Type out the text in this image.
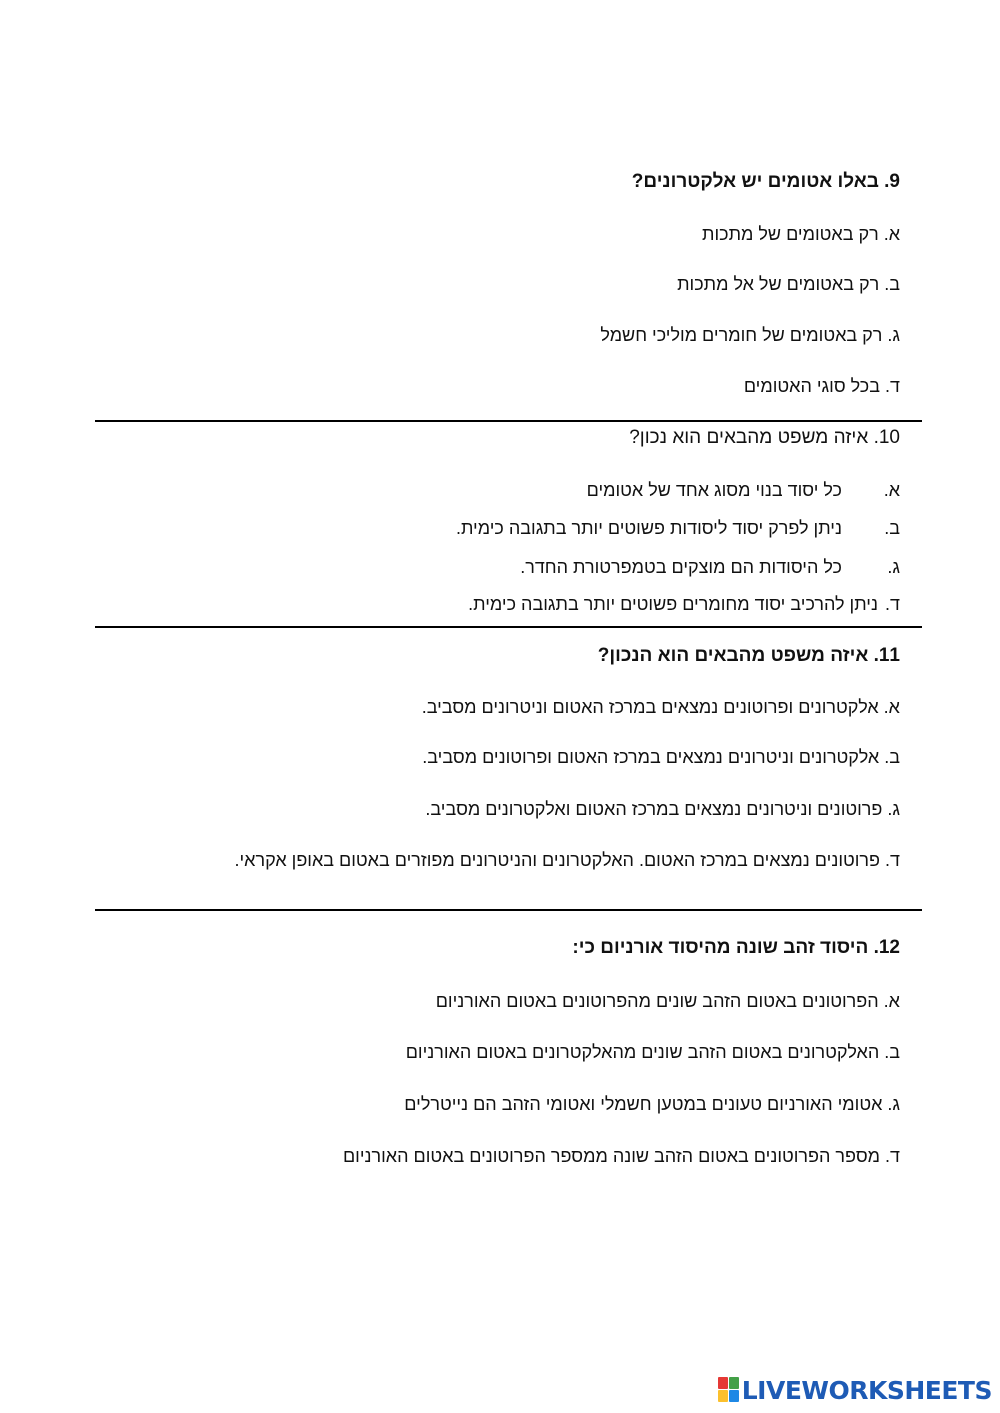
9. באלו אטומים יש אלקטרונים?
א. רק באטומים של מתכות
ב. רק באטומים של אל מתכות
ג. רק באטומים של חומרים מוליכי חשמל
ד. בכל סוגי האטומים
10. איזה משפט מהבאים הוא נכון?
א.כל יסוד בנוי מסוג אחד של אטומים
ב.ניתן לפרק יסוד ליסודות פשוטים יותר בתגובה כימית.
ג.כל היסודות הם מוצקים בטמפרטורת החדר.
ד.ניתן להרכיב יסוד מחומרים פשוטים יותר בתגובה כימית.
11. איזה משפט מהבאים הוא הנכון?
א. אלקטרונים ופרוטונים נמצאים במרכז האטום וניטרונים מסביב.
ב. אלקטרונים וניטרונים נמצאים במרכז האטום ופרוטונים מסביב.
ג. פרוטונים וניטרונים נמצאים במרכז האטום ואלקטרונים מסביב.
ד. פרוטונים נמצאים במרכז האטום. האלקטרונים והניטרונים מפוזרים באטום באופן אקראי.
12. היסוד זהב שונה מהיסוד אורניום כי:
א. הפרוטונים באטום הזהב שונים מהפרוטונים באטום האורניום
ב. האלקטרונים באטום הזהב שונים מהאלקטרונים באטום האורניום
ג. אטומי האורניום טעונים במטען חשמלי ואטומי הזהב הם נייטרלים
ד. מספר הפרוטונים באטום הזהב שונה ממספר הפרוטונים באטום האורניום
LIVEWORKSHEETS
